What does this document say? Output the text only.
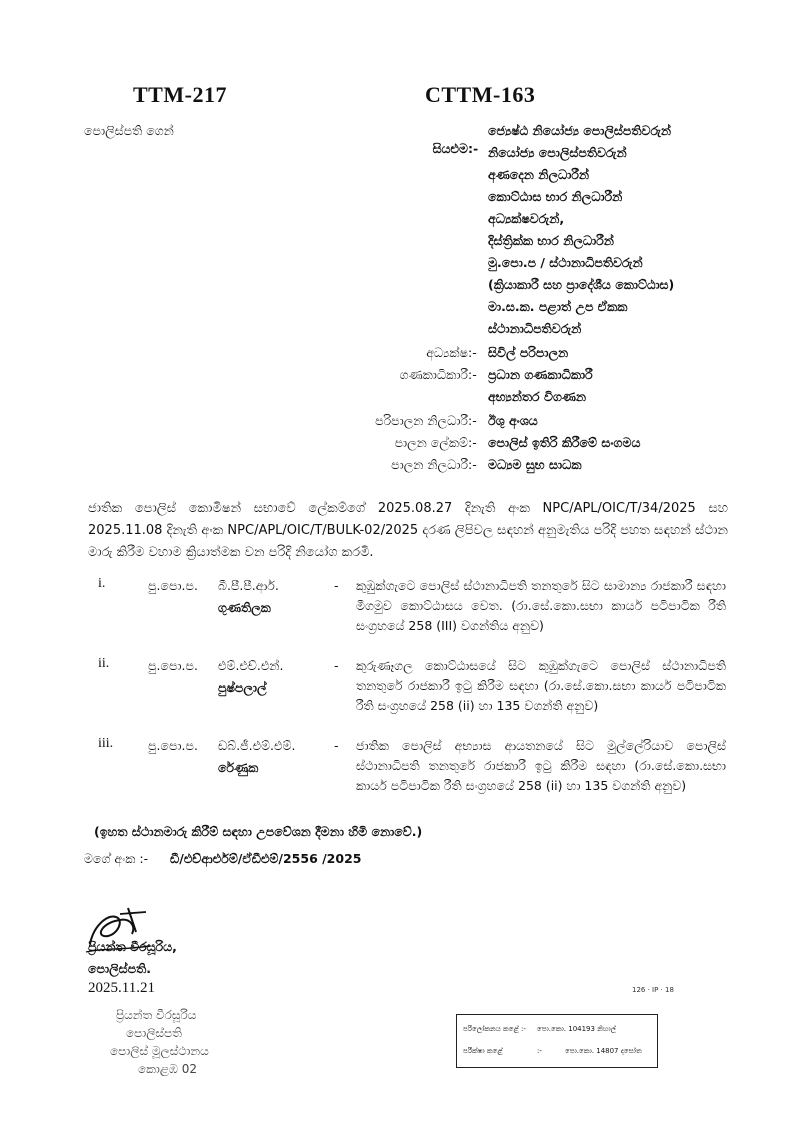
TTM-217	CTTM-163
පොලිස්පති ගෙන්
සියළුම :-
ජ්‍යෙෂ්ඨ නියෝජ්‍ය පොලිස්පතිවරුන්
නියෝජ්‍ය පොලිස්පතිවරුන්
අණදෙන නිලධාරීන්
කොට්ඨාස භාර නිලධාරීන්
අධ්‍යක්ෂවරුන්,
දිස්ත්‍රික්ක භාර නිලධාරීන්
මු.පො.ප / ස්ථානාධිපතිවරුන්
(ක්‍රියාකාරී සහ ප්‍රාදේශීය කොට්ඨාස)
මා.ස.ක. පළාත් උප ඒකක
ස්ථානාධිපතිවරුන්
අධ්‍යක්ෂ :- සිවිල් පරිපාලන
ගණකාධිකාරී :- ප්‍රධාන ගණකාධිකාරී
අභ්‍යන්තර විගණන
පරිපාලන නිලධාරී :- ඊශු අංශය
පාලන ලේකම් :- පොලිස් ඉතිරි කිරීමේ සංගමය
පාලන නිලධාරී :- මධ්‍යම සුභ සාධක
ජාතික පොලිස් කොමිෂන් සභාවේ ලේකම්ගේ 2025.08.27 දිනැති අංක NPC/APL/OIC/T/34/2025 සහ 2025.11.08 දිනැති අංක NPC/APL/OIC/T/BULK-02/2025 දරණ ලිපිවල සඳහන් අනුමැතිය පරිදි පහත සඳහන් ස්ථාන මාරු කිරීම වහාම ක්‍රියාත්මක වන පරිදි නියෝග කරමි.
i.	පු.පො.ප. බී.පී.පී.ආර්.
ගුණතිලක
- කුඹුක්ගැටෙ පොලිස් ස්ථානාධිපති තනතුරේ සිට සාමාන්‍ය රාජකාරී සඳහා මීගමුව කොට්ඨාසය වෙත. (රා.සේ.කො.සභා කාර්ය පටිපාටික රීති සංග්‍රහයේ 258 (III) වගන්තිය අනුව)
ii.	පු.පො.ප. එම්.එච්.එන්.
පුෂ්පලාල්
- කුරුණෑගල කොට්ඨාසයේ සිට කුඹුක්ගැටෙ පොලිස් ස්ථානාධිපති තනතුරේ රාජකාරී ඉටු කිරීම සඳහා (රා.සේ.කො.සභා කාර්ය පටිපාටික රීති සංග්‍රහයේ 258 (ii) හා 135 වගන්ති අනුව)
iii.	පු.පො.ප. ඩබ්.ජී.එම්.එම්.
රේණුක
- ජාතික පොලිස් අභ්‍යාස ආයතනයේ සිට මුල්ලේරියාව පොලිස් ස්ථානාධිපති තනතුරේ රාජකාරී ඉටු කිරීම සඳහා (රා.සේ.කො.සභා කාර්ය පටිපාටික රීති සංග්‍රහයේ 258 (ii) හා 135 වගන්ති අනුව)
(ඉහත ස්ථානමාරු කිරීම් සඳහා උපවේශන දීමනා හිමි නොවේ.)
මගේ අංක :- ඩී/එච්ආර්එම්/ඒඩීඑම්/2556 /2025
ප්‍රියන්ත වීරසූරිය,
පොලිස්පති.
2025.11.21
ප්‍රියන්ත වීරසූරිය
පොලිස්පති
පොලිස් මූලස්ථානය
කොළඹ 02
126 · IP · 18
පරිලෝකනය කළේ :- පො.කො. 104193 නිහාල්
පරීක්ෂා කළේ	:-	පො.කො. 14807 දසෝත
